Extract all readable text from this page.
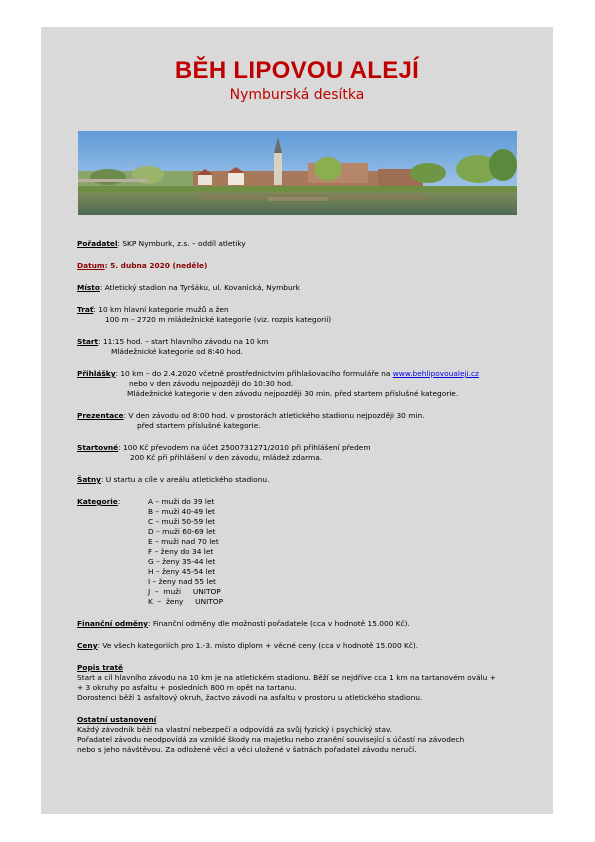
BĚH LIPOVOU ALEJÍ
Nymburská desítka
Pořadatel: SKP Nymburk, z.s. – oddíl atletiky
Datum: 5. dubna 2020 (neděle)
Místo: Atletický stadion na Tyršáku, ul. Kovanická, Nymburk
Trať: 10 km hlavní kategorie mužů a žen
100 m – 2720 m mládežnické kategorie (viz. rozpis kategorií)
Start: 11:15 hod. – start hlavního závodu na 10 km
Mládežnické kategorie od 8:40 hod.
Přihlášky: 10 km – do 2.4.2020 včetně prostřednictvím přihlašovacího formuláře na www.behlipovoualeji.cz
nebo v den závodu nejpozději do 10:30 hod.
Mládežnické kategorie v den závodu nejpozději 30 min. před startem příslušné kategorie.
Prezentace: V den závodu od 8:00 hod. v prostorách atletického stadionu nejpozději 30 min.
před startem příslušné kategorie.
Startovné: 100 Kč převodem na účet 2500731271/2010 při přihlášení předem
200 Kč při přihlášení v den závodu, mládež zdarma.
Šatny: U startu a cíle v areálu atletického stadionu.
Kategorie:	A – muži do 39 let
B – muži 40-49 let
C – muži 50-59 let
D – muži 60-69 let
E – muži nad 70 let
F – ženy do 34 let
G – ženy 35-44 let
H – ženy 45-54 let
I – ženy nad 55 let
J  –  muži     UNITOP
K  –  ženy     UNITOP
Finanční odměny: Finanční odměny dle možností pořadatele (cca v hodnotě 15.000 Kč).
Ceny: Ve všech kategoriích pro 1.-3. místo diplom + věcné ceny (cca v hodnotě 15.000 Kč).
Popis tratě
Start a cíl hlavního závodu na 10 km je na atletickém stadionu. Běží se nejdříve cca 1 km na tartanovém oválu +
+ 3 okruhy po asfaltu + posledních 800 m opět na tartanu.
Dorostenci běží 1 asfaltový okruh, žactvo závodí na asfaltu v prostoru u atletického stadionu.
Ostatní ustanovení
Každý závodník běží na vlastní nebezpečí a odpovídá za svůj fyzický i psychický stav.
Pořadatel závodu neodpovídá za vzniklé škody na majetku nebo zranění související s účastí na závodech
nebo s jeho návštěvou. Za odložené věci a věci uložené v šatnách pořadatel závodu neručí.
